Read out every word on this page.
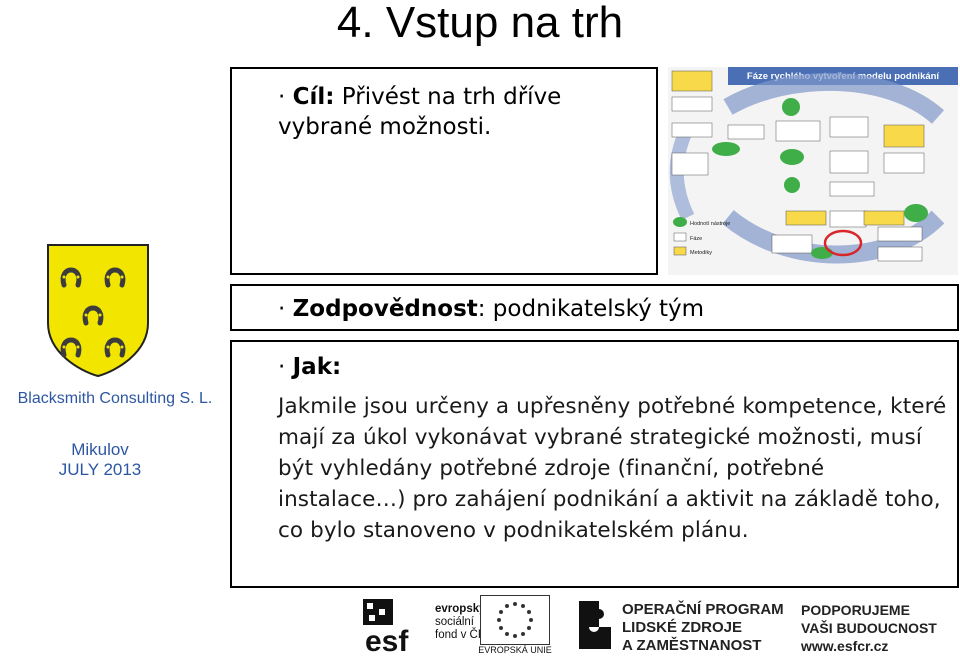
4. Vstup na trh
· Cíl: Přivést na trh dříve vybrané možnosti.
Fáze rychlého vytvoření modelu podnikání
Hodnotí nástroje
Fáze
Metodiky
· Zodpovědnost: podnikatelský tým
· Jak:
Jakmile jsou určeny a upřesněny potřebné kompetence, které mají za úkol vykonávat vybrané strategické možnosti, musí být vyhledány potřebné zdroje (finanční, potřebné instalace…) pro zahájení podnikání a aktivit na základě toho, co bylo stanoveno v podnikatelském plánu.
Blacksmith Consulting S. L.
Mikulov
JULY 2013
esf
evropský
sociální
fond v ČR
EVROPSKÁ UNIE
OPERAČNÍ PROGRAM
LIDSKÉ ZDROJE
A ZAMĚSTNANOST
PODPORUJEME
VAŠI BUDOUCNOST
www.esfcr.cz
